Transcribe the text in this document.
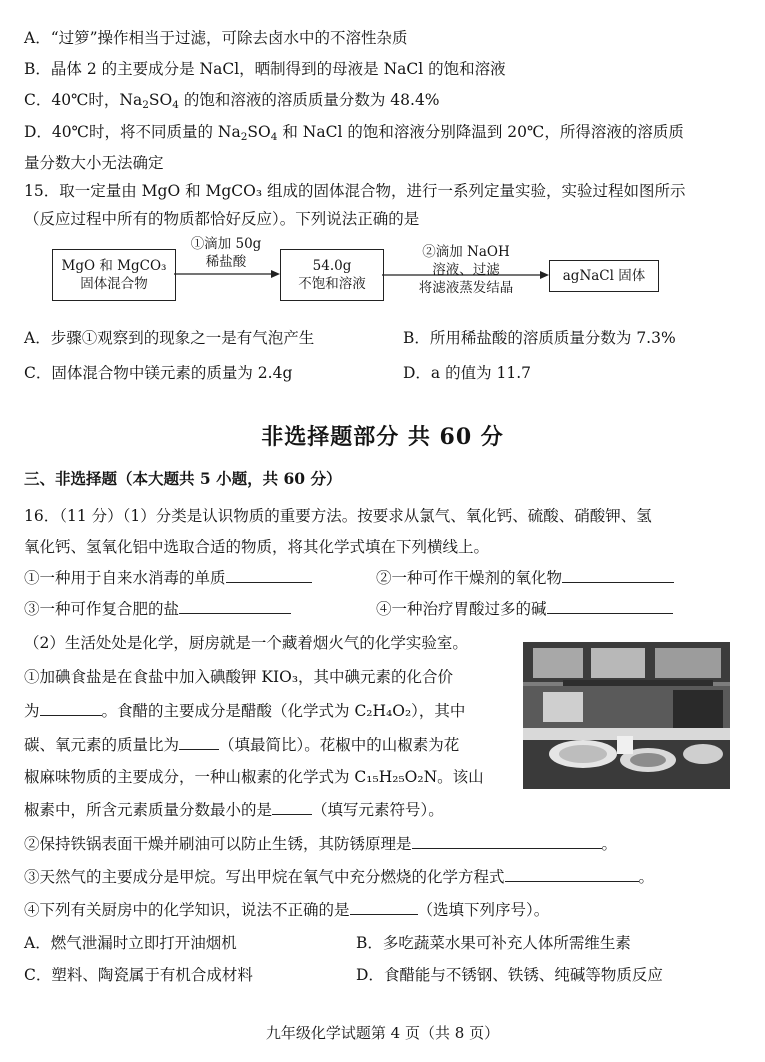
A．“过箩”操作相当于过滤，可除去卤水中的不溶性杂质
B．晶体 2 的主要成分是 NaCl，晒制得到的母液是 NaCl 的饱和溶液
C．40℃时，$Na_2SO_4$ 的饱和溶液的溶质质量分数为 48.4%
D．40℃时，将不同质量的 $Na_2SO_4$ 和 NaCl 的饱和溶液分别降温到 20℃，所得溶液的溶质质
量分数大小无法确定
15．取一定量由 MgO 和 MgCO₃ 组成的固体混合物，进行一系列定量实验，实验过程如图所示
（反应过程中所有的物质都恰好反应）。下列说法正确的是
MgO 和 MgCO₃
固体混合物
①滴加 50g
稀盐酸	54.0g
不饱和溶液
②滴加 NaOH
溶液、过滤
将滤液蒸发结晶
agNaCl 固体
A．步骤①观察到的现象之一是有气泡产生	B．所用稀盐酸的溶质质量分数为 7.3%
C．固体混合物中镁元素的质量为 2.4g	D．a 的值为 11.7
非选择题部分 共 60 分
三、非选择题（本大题共 5 小题，共 60 分）
16．（11 分）（1）分类是认识物质的重要方法。按要求从氯气、氧化钙、硫酸、硝酸钾、氢
氧化钙、氢氧化铝中选取合适的物质，将其化学式填在下列横线上。
①一种用于自来水消毒的单质	②一种可作干燥剂的氧化物
③一种可作复合肥的盐	④一种治疗胃酸过多的碱
（2）生活处处是化学，厨房就是一个藏着烟火气的化学实验室。
①加碘食盐是在食盐中加入碘酸钾 KIO₃，其中碘元素的化合价
为	。食醋的主要成分是醋酸（化学式为 C₂H₄O₂），其中
碳、氧元素的质量比为	（填最简比）。花椒中的山椒素为花
椒麻味物质的主要成分，一种山椒素的化学式为 C₁₅H₂₅O₂N。该山
椒素中，所含元素质量分数最小的是	（填写元素符号）。
②保持铁锅表面干燥并刷油可以防止生锈，其防锈原理是	。
③天然气的主要成分是甲烷。写出甲烷在氧气中充分燃烧的化学方程式	。
④下列有关厨房中的化学知识，说法不正确的是	（选填下列序号）。
A．燃气泄漏时立即打开油烟机	B．多吃蔬菜水果可补充人体所需维生素
C．塑料、陶瓷属于有机合成材料	D．食醋能与不锈钢、铁锈、纯碱等物质反应
九年级化学试题第 4 页（共 8 页）
